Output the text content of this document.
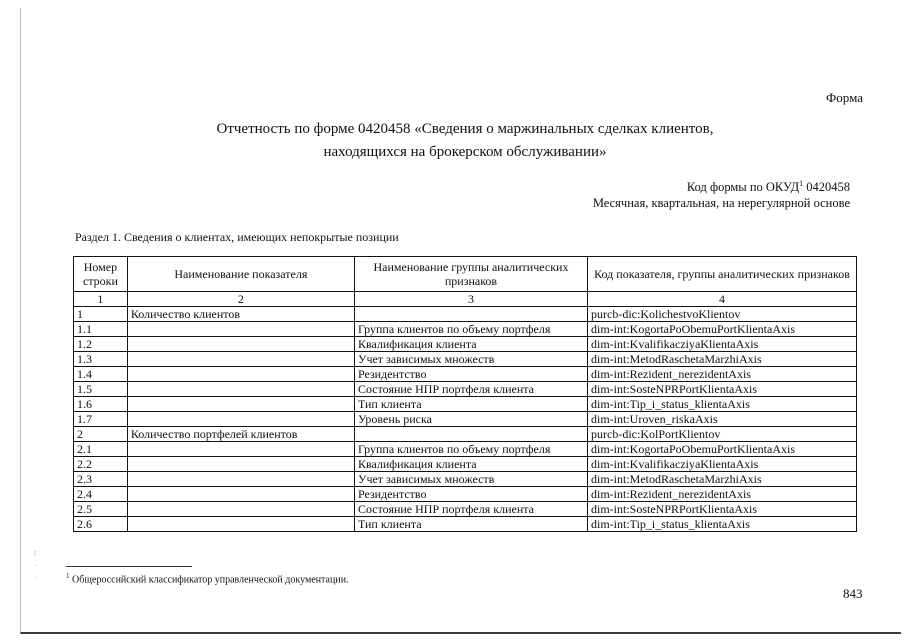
Форма
Отчетность по форме 0420458 «Сведения о маржинальных сделках клиентов,
находящихся на брокерском обслуживании»
Код формы по ОКУД$^1$ 0420458
Месячная, квартальная, на нерегулярной основе
Раздел 1. Сведения о клиентах, имеющих непокрытые позиции
Номер строки	Наименование показателя	Наименование группы аналитических признаков	Код показателя, группы аналитических признаков
1	2	3	4
1	Количество клиентов		purcb-dic:KolichestvoKlientov
1.1		Группа клиентов по объему портфеля	dim-int:KogortaPoObemuPortKlientaAxis
1.2		Квалификация клиента	dim-int:KvalifikacziyaKlientaAxis
1.3		Учет зависимых множеств	dim-int:MetodRaschetaMarzhiAxis
1.4		Резидентство	dim-int:Rezident_nerezidentAxis
1.5		Состояние НПР портфеля клиента	dim-int:SosteNPRPortKlientaAxis
1.6		Тип клиента	dim-int:Tip_i_status_klientaAxis
1.7		Уровень риска	dim-int:Uroven_riskaAxis
2	Количество портфелей клиентов		purcb-dic:KolPortKlientov
2.1		Группа клиентов по объему портфеля	dim-int:KogortaPoObemuPortKlientaAxis
2.2		Квалификация клиента	dim-int:KvalifikacziyaKlientaAxis
2.3		Учет зависимых множеств	dim-int:MetodRaschetaMarzhiAxis
2.4		Резидентство	dim-int:Rezident_nerezidentAxis
2.5		Состояние НПР портфеля клиента	dim-int:SosteNPRPortKlientaAxis
2.6		Тип клиента	dim-int:Tip_i_status_klientaAxis
⁞
·
·	$^1$ Общероссийский классификатор управленческой документации.
843
